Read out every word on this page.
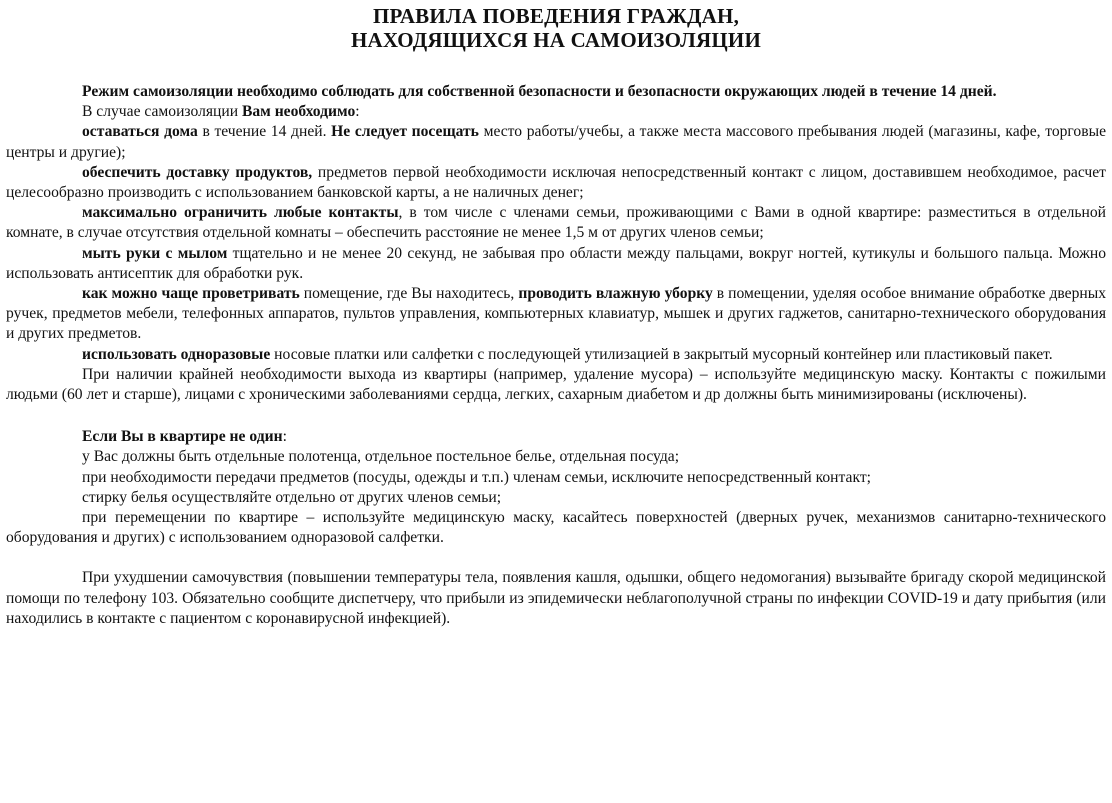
ПРАВИЛА ПОВЕДЕНИЯ ГРАЖДАН,
НАХОДЯЩИХСЯ НА САМОИЗОЛЯЦИИ

Режим самоизоляции необходимо соблюдать для собственной безопасности и безопасности окружающих людей в течение 14 дней.

В случае самоизоляции Вам необходимо:

оставаться дома в течение 14 дней. Не следует посещать место работы/учебы, а также места массового пребывания людей (магазины, кафе, торговые центры и другие);

обеспечить доставку продуктов, предметов первой необходимости исключая непосредственный контакт с лицом, доставившем необходимое, расчет целесообразно производить с использованием банковской карты, а не наличных денег;

максимально ограничить любые контакты, в том числе с членами семьи, проживающими с Вами в одной квартире: разместиться в отдельной комнате, в случае отсутствия отдельной комнаты – обеспечить расстояние не менее 1,5 м от других членов семьи;

мыть руки с мылом тщательно и не менее 20 секунд, не забывая про области между пальцами, вокруг ногтей, кутикулы и большого пальца. Можно использовать антисептик для обработки рук.

как можно чаще проветривать помещение, где Вы находитесь, проводить влажную уборку в помещении, уделяя особое внимание обработке дверных ручек, предметов мебели, телефонных аппаратов, пультов управления, компьютерных клавиатур, мышек и других гаджетов, санитарно-технического оборудования и других предметов.

использовать одноразовые носовые платки или салфетки с последующей утилизацией в закрытый мусорный контейнер или пластиковый пакет.

При наличии крайней необходимости выхода из квартиры (например, удаление мусора) – используйте медицинскую маску. Контакты с пожилыми людьми (60 лет и старше), лицами с хроническими заболеваниями сердца, легких, сахарным диабетом и др должны быть минимизированы (исключены).

Если Вы в квартире не один:

у Вас должны быть отдельные полотенца, отдельное постельное белье, отдельная посуда;

при необходимости передачи предметов (посуды, одежды и т.п.) членам семьи, исключите непосредственный контакт;

стирку белья осуществляйте отдельно от других членов семьи;

при перемещении по квартире – используйте медицинскую маску, касайтесь поверхностей (дверных ручек, механизмов санитарно-технического оборудования и других) с использованием одноразовой салфетки.

При ухудшении самочувствия (повышении температуры тела, появления кашля, одышки, общего недомогания) вызывайте бригаду скорой медицинской помощи по телефону 103. Обязательно сообщите диспетчеру, что прибыли из эпидемически неблагополучной страны по инфекции COVID-19 и дату прибытия (или находились в контакте с пациентом с коронавирусной инфекцией).
